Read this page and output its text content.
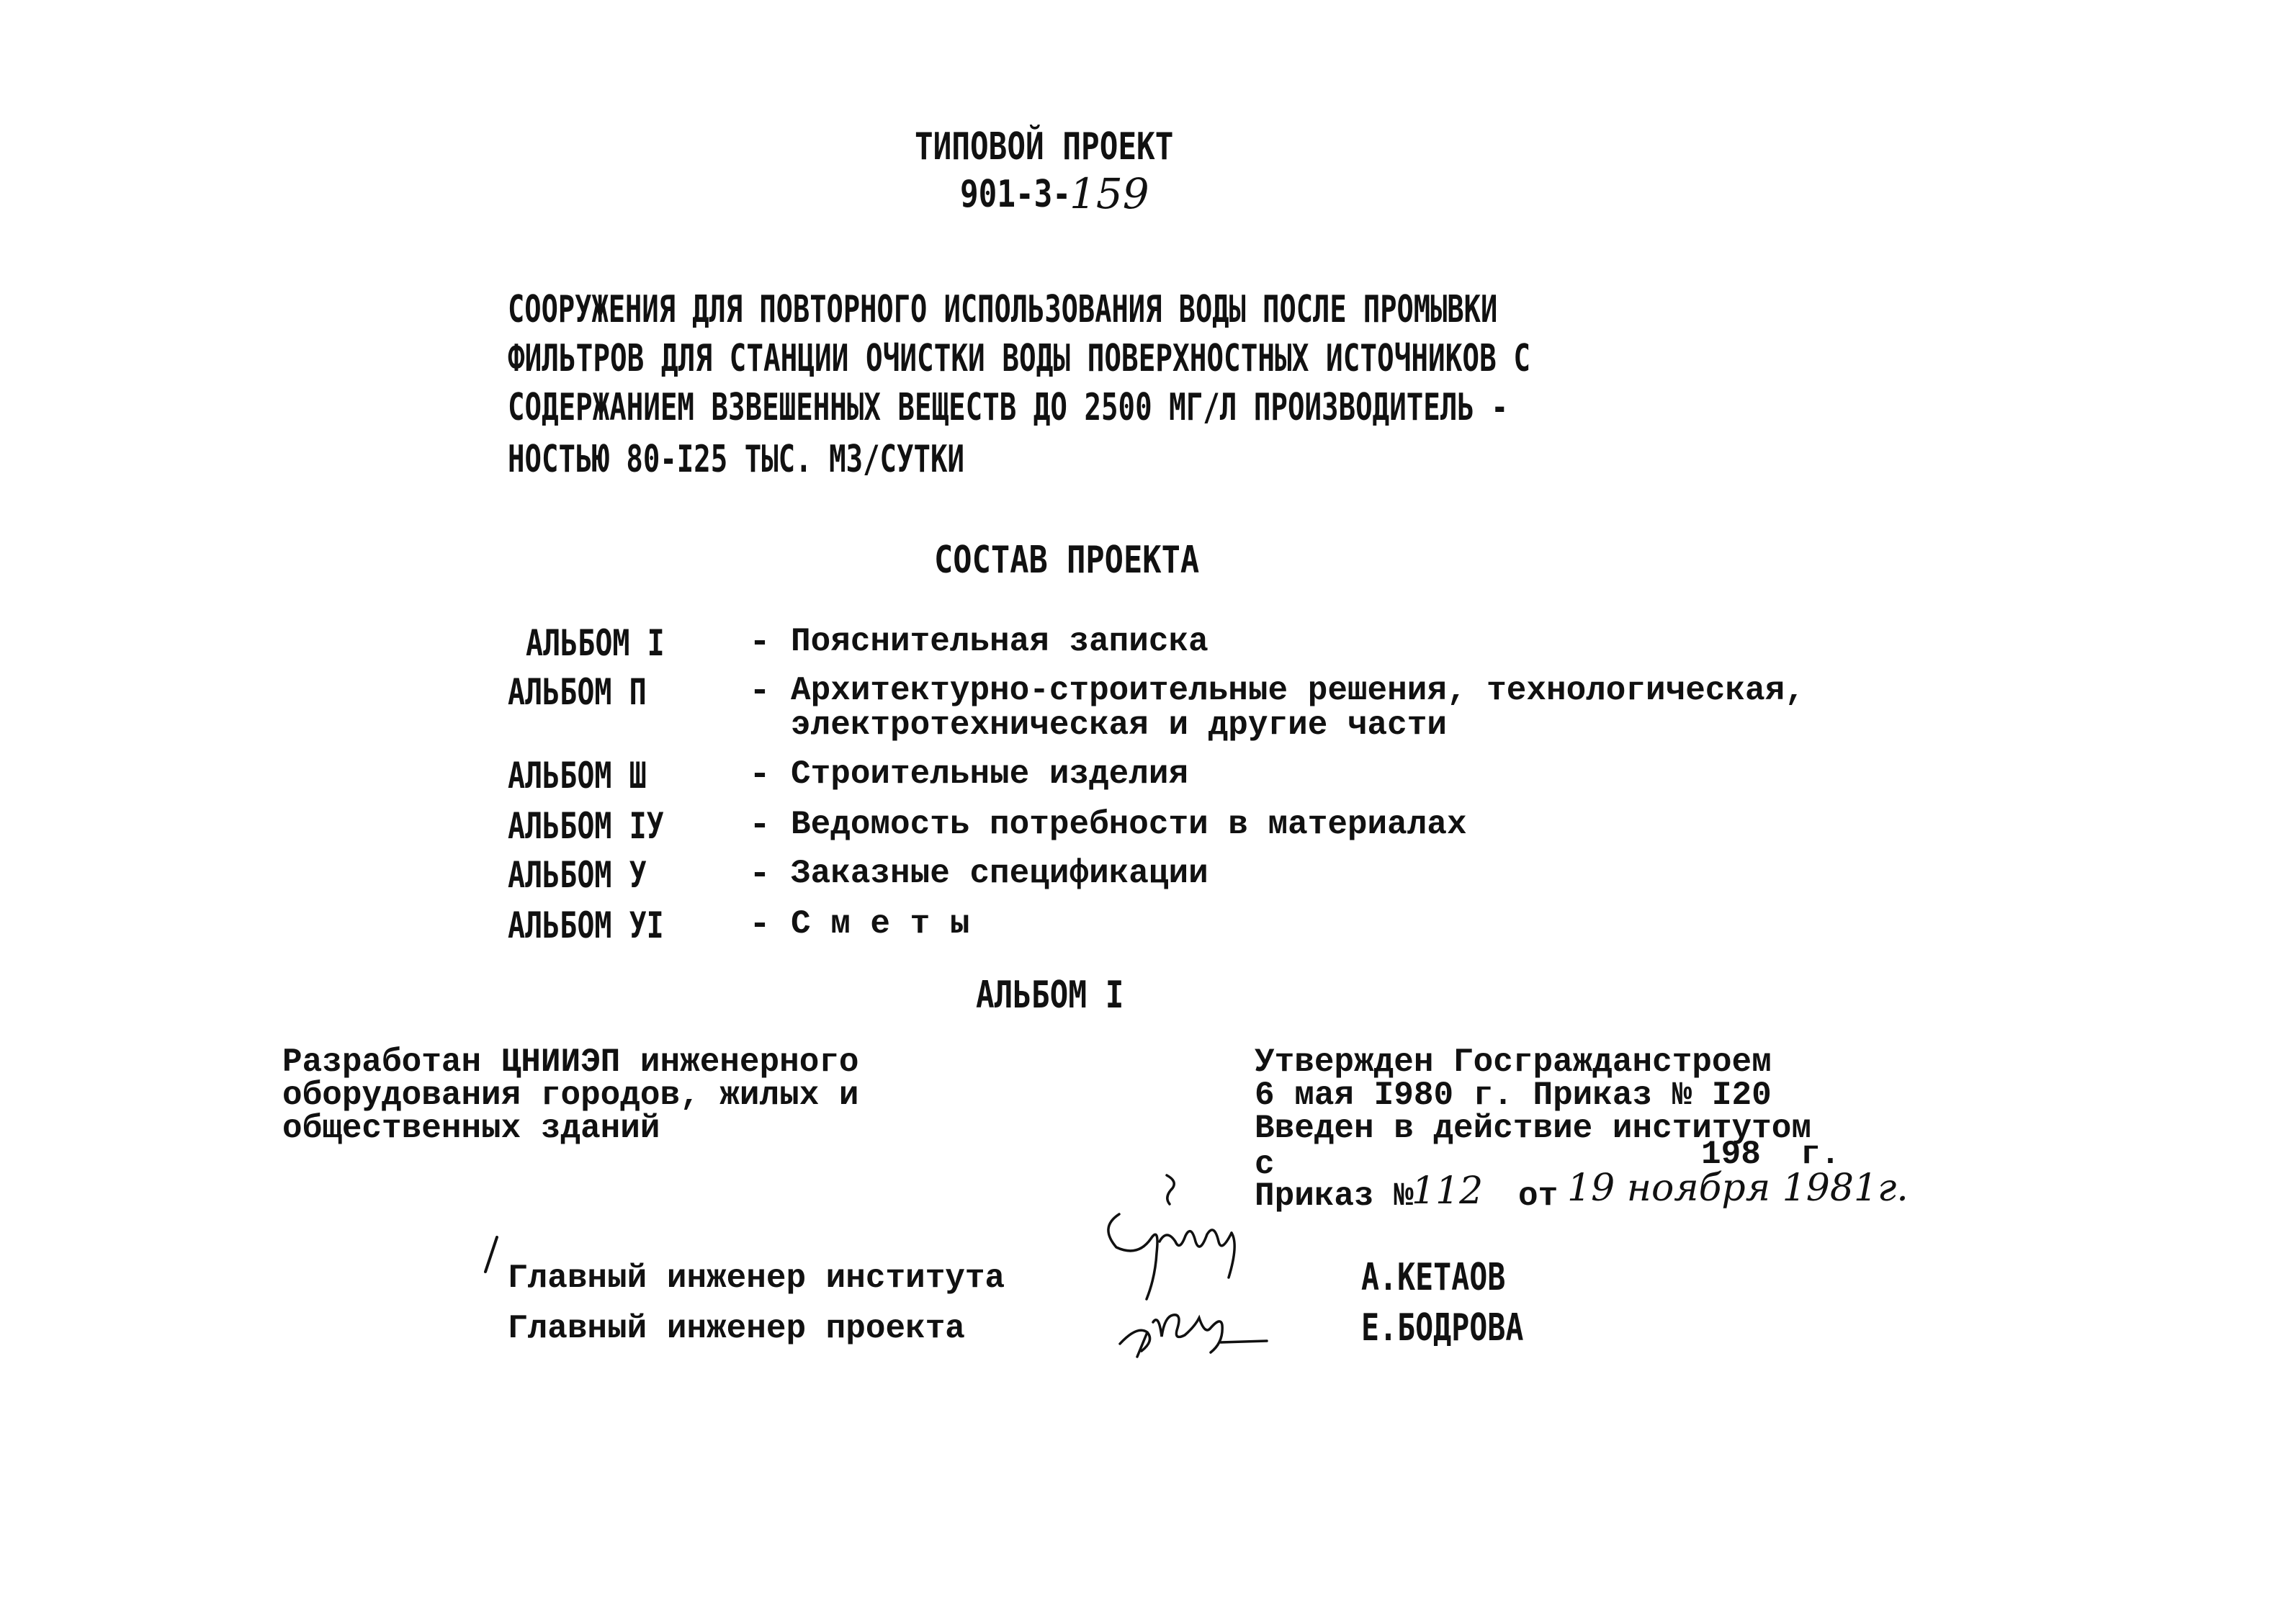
ТИПОВОЙ ПРОЕКТ
901-3-
159
СООРУЖЕНИЯ ДЛЯ ПОВТОРНОГО ИСПОЛЬЗОВАНИЯ ВОДЫ ПОСЛЕ ПРОМЫВКИ
ФИЛЬТРОВ ДЛЯ СТАНЦИИ ОЧИСТКИ ВОДЫ ПОВЕРХНОСТНЫХ ИСТОЧНИКОВ С
СОДЕРЖАНИЕМ ВЗВЕШЕННЫХ ВЕЩЕСТВ ДО 2500 МГ/Л ПРОИЗВОДИТЕЛЬ -
НОСТЬЮ 80-I25 ТЫС. М3/СУТКИ
СОСТАВ ПРОЕКТА
АЛЬБОМ I - Пояснительная записка
АЛЬБОМ П	- Архитектурно-строительные решения, технологическая,
электротехническая и другие части
АЛЬБОМ Ш	- Строительные изделия
АЛЬБОМ IУ - Ведомость потребности в материалах
АЛЬБОМ У	- Заказные спецификации
АЛЬБОМ УI - С м е т ы
АЛЬБОМ I
Разработан ЦНИИЭП инженерного
оборудования городов, жилых и
общественных зданий
Утвержден Госгражданстроем
6 мая I980 г. Приказ № I20
Введен в действие институтом
с	198  г.
Приказ №
112 от 19 ноября 1981г.
Главный инженер института
Главный инженер проекта
А.КЕТАОВ
Е.БОДРОВА
